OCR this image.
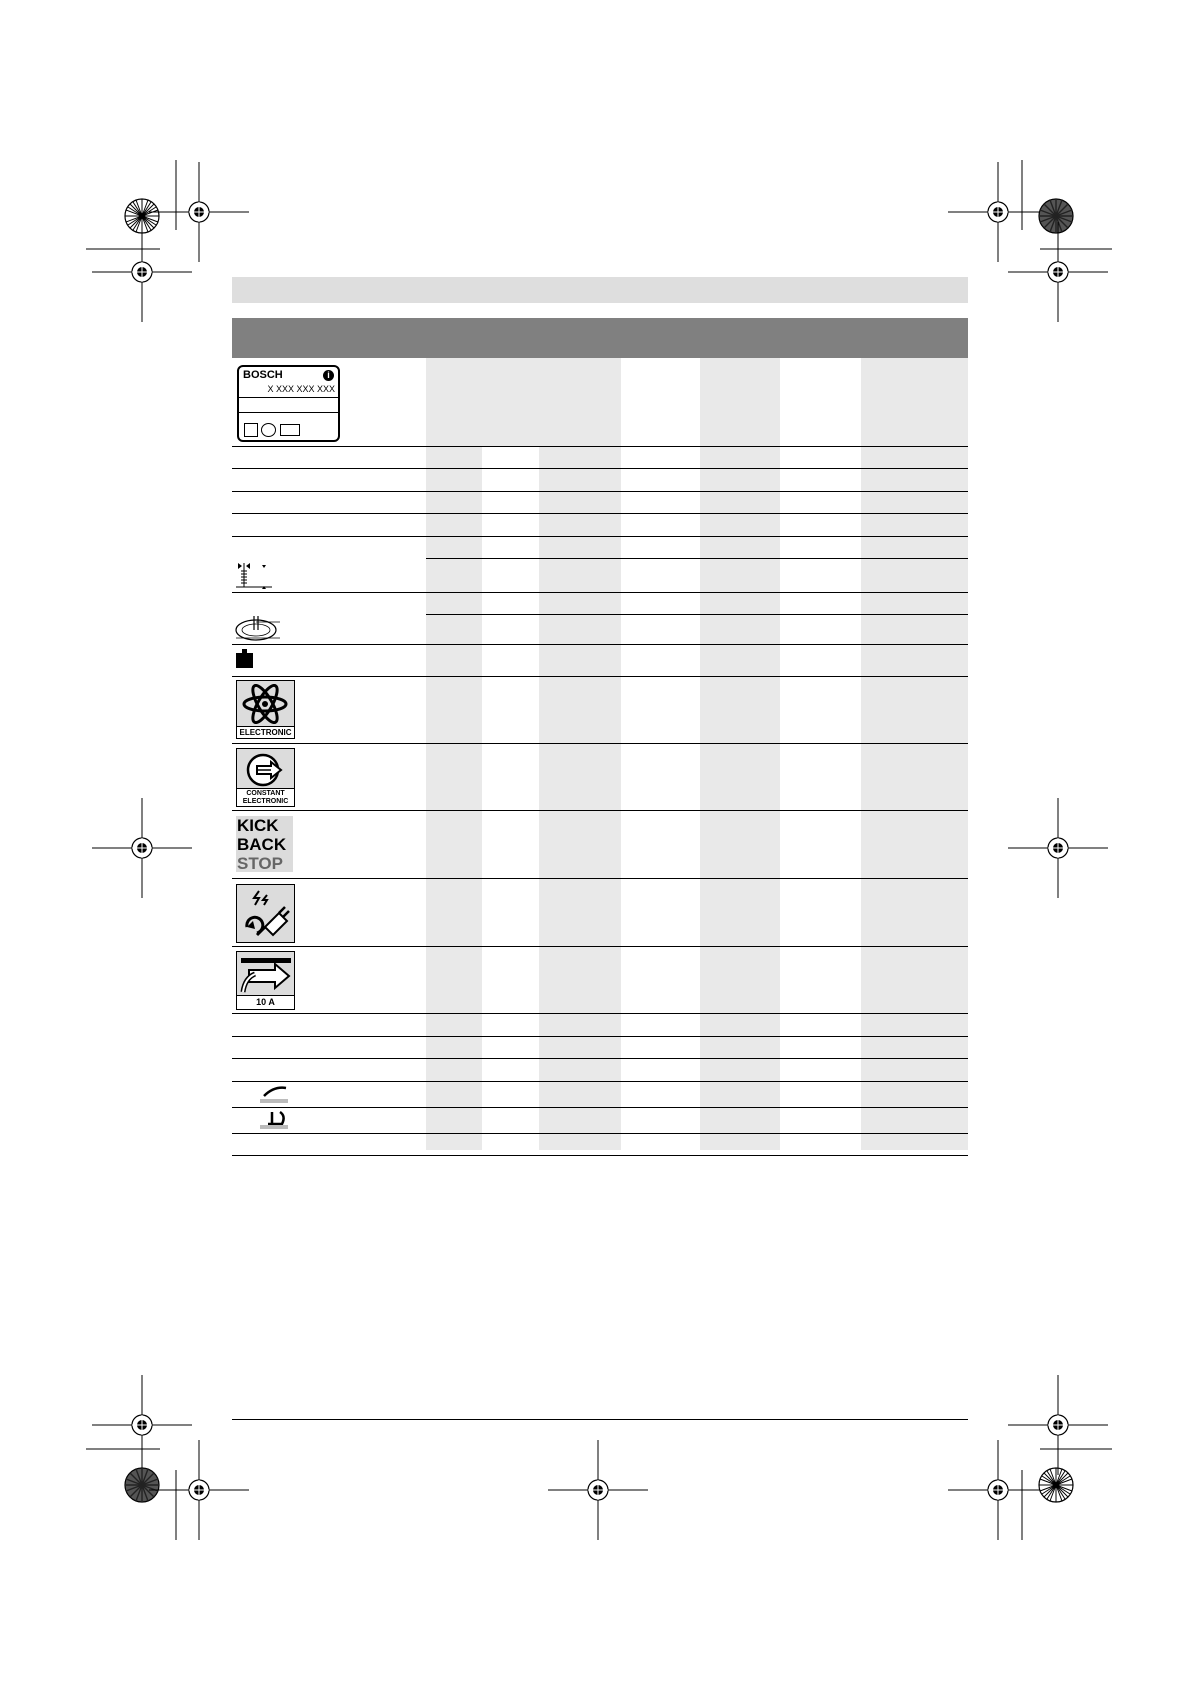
BOSCH	i
X XXX XXX XXX
ELECTRONIC
CONSTANT
ELECTRONIC
KICK
BACK
STOP
10 A
